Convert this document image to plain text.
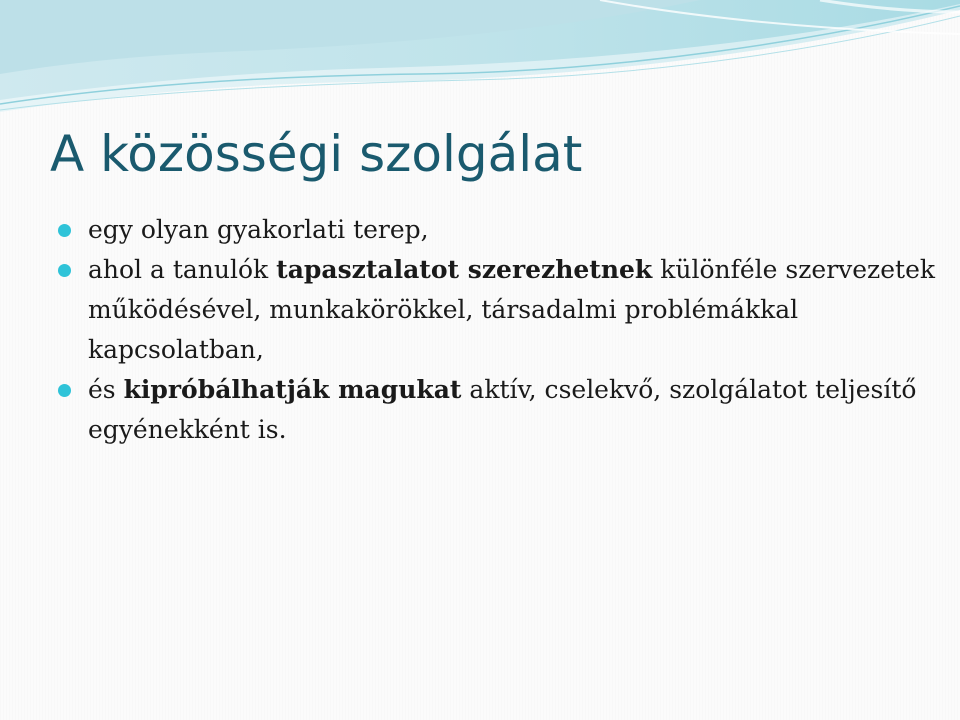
A közösségi szolgálat
egy olyan gyakorlati terep,
ahol a tanulók tapasztalatot szerezhetnek különféle szervezetek működésével, munkakörökkel, társadalmi problémákkal kapcsolatban,
és kipróbálhatják magukat aktív, cselekvő, szolgálatot teljesítő egyénekként is.
